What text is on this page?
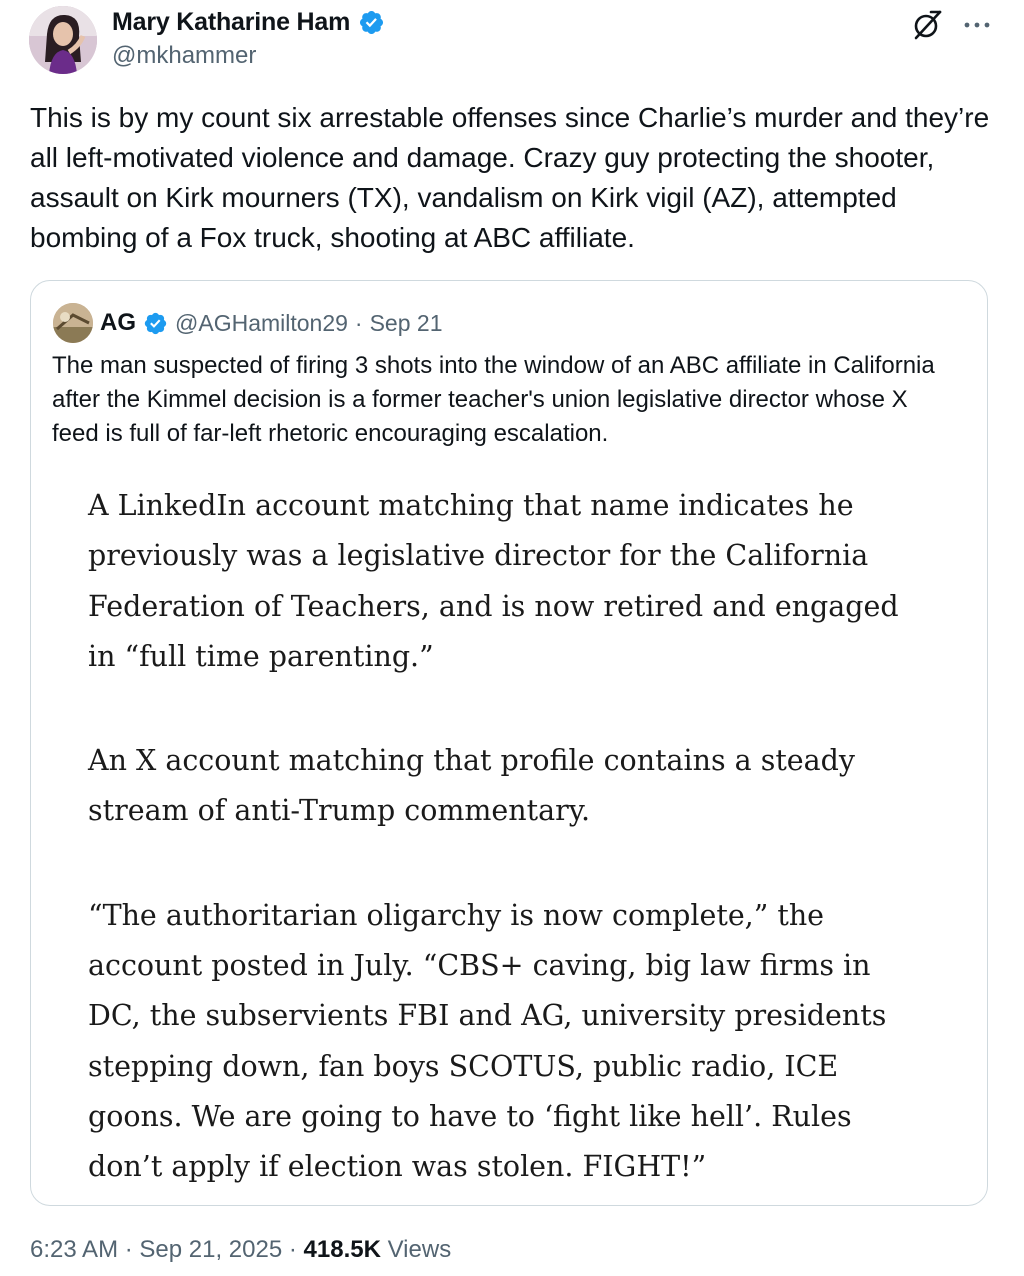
Mary Katharine Ham
@mkhammer

This is by my count six arrestable offenses since Charlie’s murder and they’re all left-motivated violence and damage. Crazy guy protecting the shooter, assault on Kirk mourners (TX), vandalism on Kirk vigil (AZ), attempted bombing of a Fox truck, shooting at ABC affiliate.

AG @AGHamilton29 · Sep 21

The man suspected of firing 3 shots into the window of an ABC affiliate in California after the Kimmel decision is a former teacher's union legislative director whose X feed is full of far-left rhetoric encouraging escalation.

A LinkedIn account matching that name indicates he previously was a legislative director for the California Federation of Teachers, and is now retired and engaged in “full time parenting.”

An X account matching that profile contains a steady stream of anti-Trump commentary.

“The authoritarian oligarchy is now complete,” the account posted in July. “CBS+ caving, big law firms in DC, the subservients FBI and AG, university presidents stepping down, fan boys SCOTUS, public radio, ICE goons. We are going to have to ‘fight like hell’. Rules don’t apply if election was stolen. FIGHT!”

6:23 AM · Sep 21, 2025 · 418.5K Views
